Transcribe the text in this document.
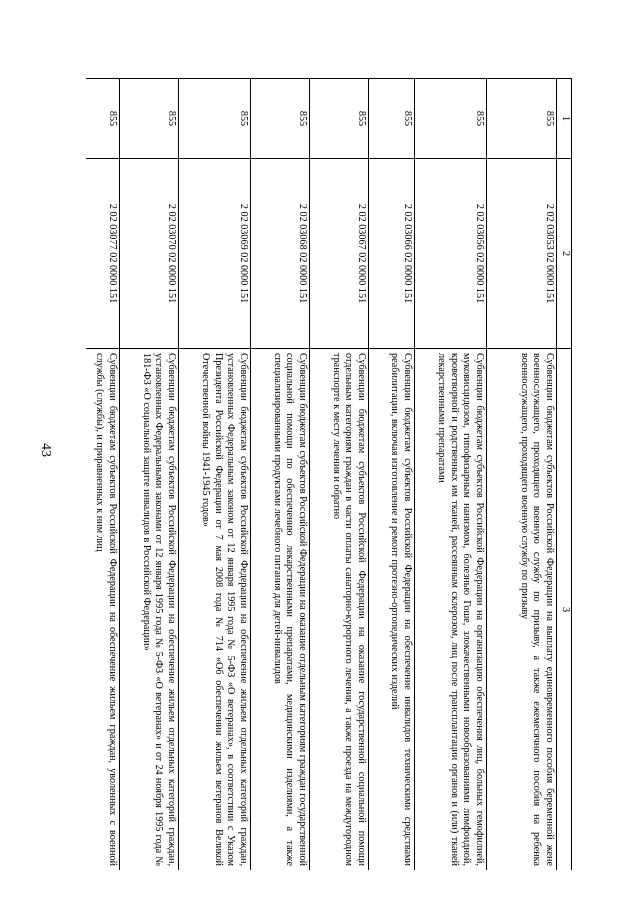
43
1	2	3
855	2 02 03053 02 0000 151	Субвенции бюджетам субъектов Российской Федерации на выплату единовременного пособия беременной жене военнослужащего, проходящего военную службу по призыву, а также ежемесячного пособия на ребенка военнослужащего, проходящего военную службу по призыву
855	2 02 03056 02 0000 151	Субвенции бюджетам субъектов Российской Федерации на организацию обеспечения лиц, больных гемофилией, муковисцидозом, гипофизарным нанизмом, болезнью Гоше, злокачественными новообразованиями лимфоидной, кроветворной и родственных им тканей, рассеянным склерозом, лиц после трансплантации органов и (или) тканей лекарственными препаратами
855	2 02 03066 02 0000 151	Субвенции бюджетам субъектов Российской Федерации на обеспечение инвалидов техническими средствами реабилитации, включая изготовление и ремонт протезно-ортопедических изделий
855	2 02 03067 02 0000 151	Субвенции бюджетам субъектов Российской Федерации на оказание государственной социальной помощи отдельным категориям граждан в части оплаты санаторно-курортного лечения, а также проезда на междугородном транспорте к месту лечения и обратно
855	2 02 03068 02 0000 151	Субвенции бюджетам субъектов Российской Федерации на оказание отдельным категориям граждан государственной социальной помощи по обеспечению лекарственными препаратами, медицинскими изделиями, а также специализированными продуктами лечебного питания для детей-инвалидов
855	2 02 03069 02 0000 151	Субвенции бюджетам субъектов Российской Федерации на обеспечение жильем отдельных категорий граждан, установленных Федеральным законом от 12 января 1995 года № 5-ФЗ «О ветеранах», в соответствии с Указом Президента Российской Федерации от 7 мая 2008 года № 714 «Об обеспечении жильем ветеранов Великой Отечественной войны 1941-1945 годов»
855	2 02 03070 02 0000 151	Субвенции бюджетам субъектов Российской Федерации на обеспечение жильем отдельных категорий граждан, установленных Федеральными законами от 12 января 1995 года № 5-ФЗ «О ветеранах» и от 24 ноября 1995 года № 181-ФЗ «О социальной защите инвалидов в Российской Федерации»
855	2 02 03077 02 0000 151	Субвенции бюджетам субъектов Российской Федерации на обеспечение жильем граждан, уволенных с военной службы (службы), и приравненных к ним лиц
